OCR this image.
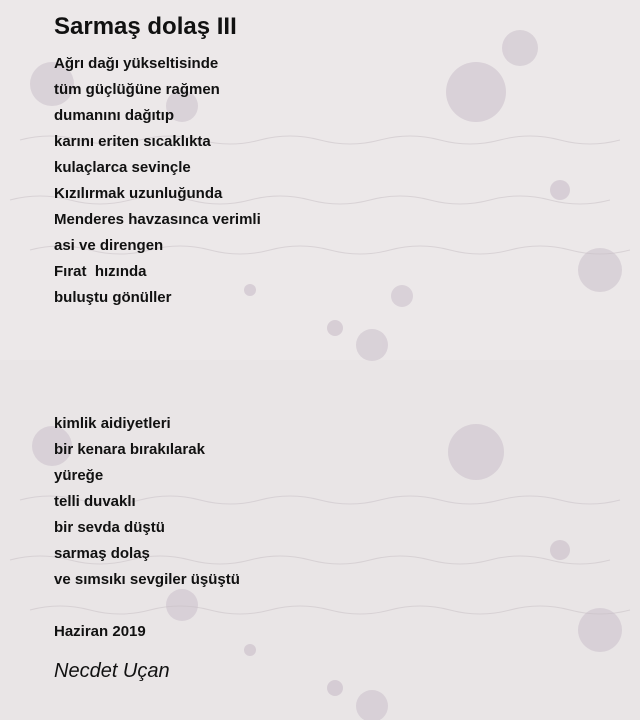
Sarmaş dolaş III
Ağrı dağı yükseltisinde
tüm güçlüğüne rağmen
dumanını dağıtıp
karını eriten sıcaklıkta
kulaçlarca sevinçle
Kızılırmak uzunluğunda
Menderes havzasınca verimli
asi ve direngen
Fırat  hızında
buluştu gönüller
kimlik aidiyetleri
bir kenara bırakılarak
yüreğe
telli duvaklı
bir sevda düştü
sarmaş dolaş
ve sımsıkı sevgiler üşüştü

Haziran 2019

Necdet Uçan
